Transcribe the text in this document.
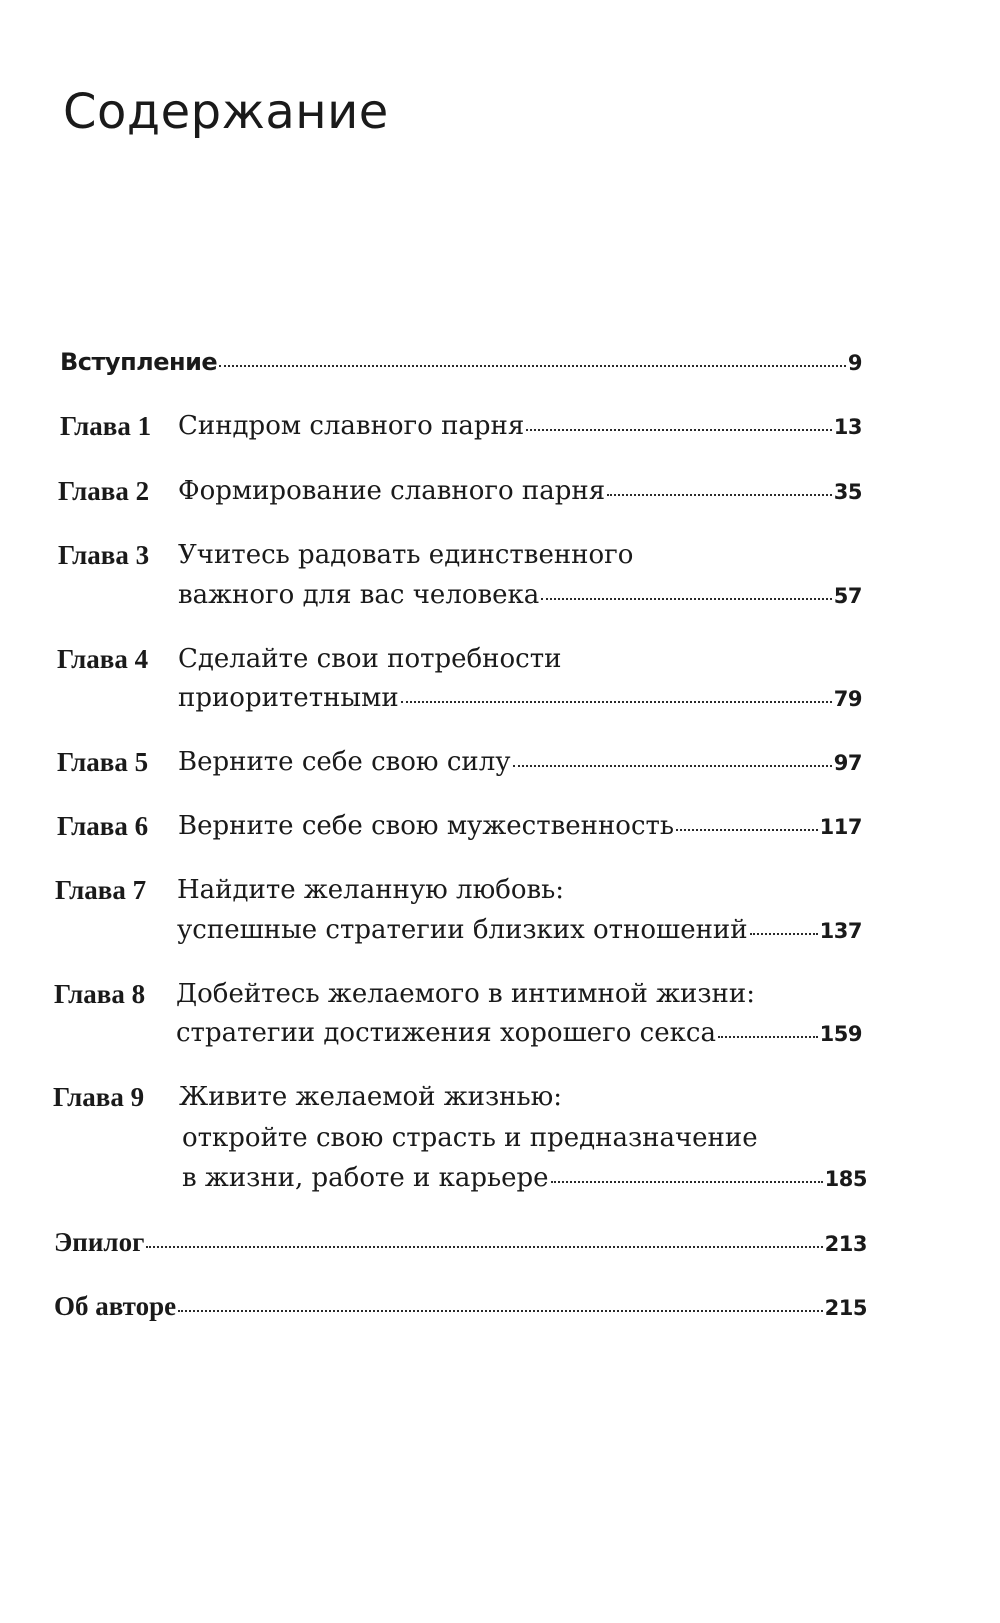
Содержание
Вступление	9
Глава 1 Синдром славного парня	13
Глава 2 Формирование славного парня	35
Глава 3 Учитесь радовать единственного
важного для вас человека	57
Глава 4 Сделайте свои потребности
приоритетными	79
Глава 5 Верните себе свою силу	97
Глава 6 Верните себе свою мужественность	117
Глава 7 Найдите желанную любовь:
успешные стратегии близких отношений	137
Глава 8 Добейтесь желаемого в интимной жизни:
стратегии достижения хорошего секса	159
Глава 9 Живите желаемой жизнью:
откройте свою страсть и предназначение
в жизни, работе и карьере	185
Эпилог	213
Об авторе	215
